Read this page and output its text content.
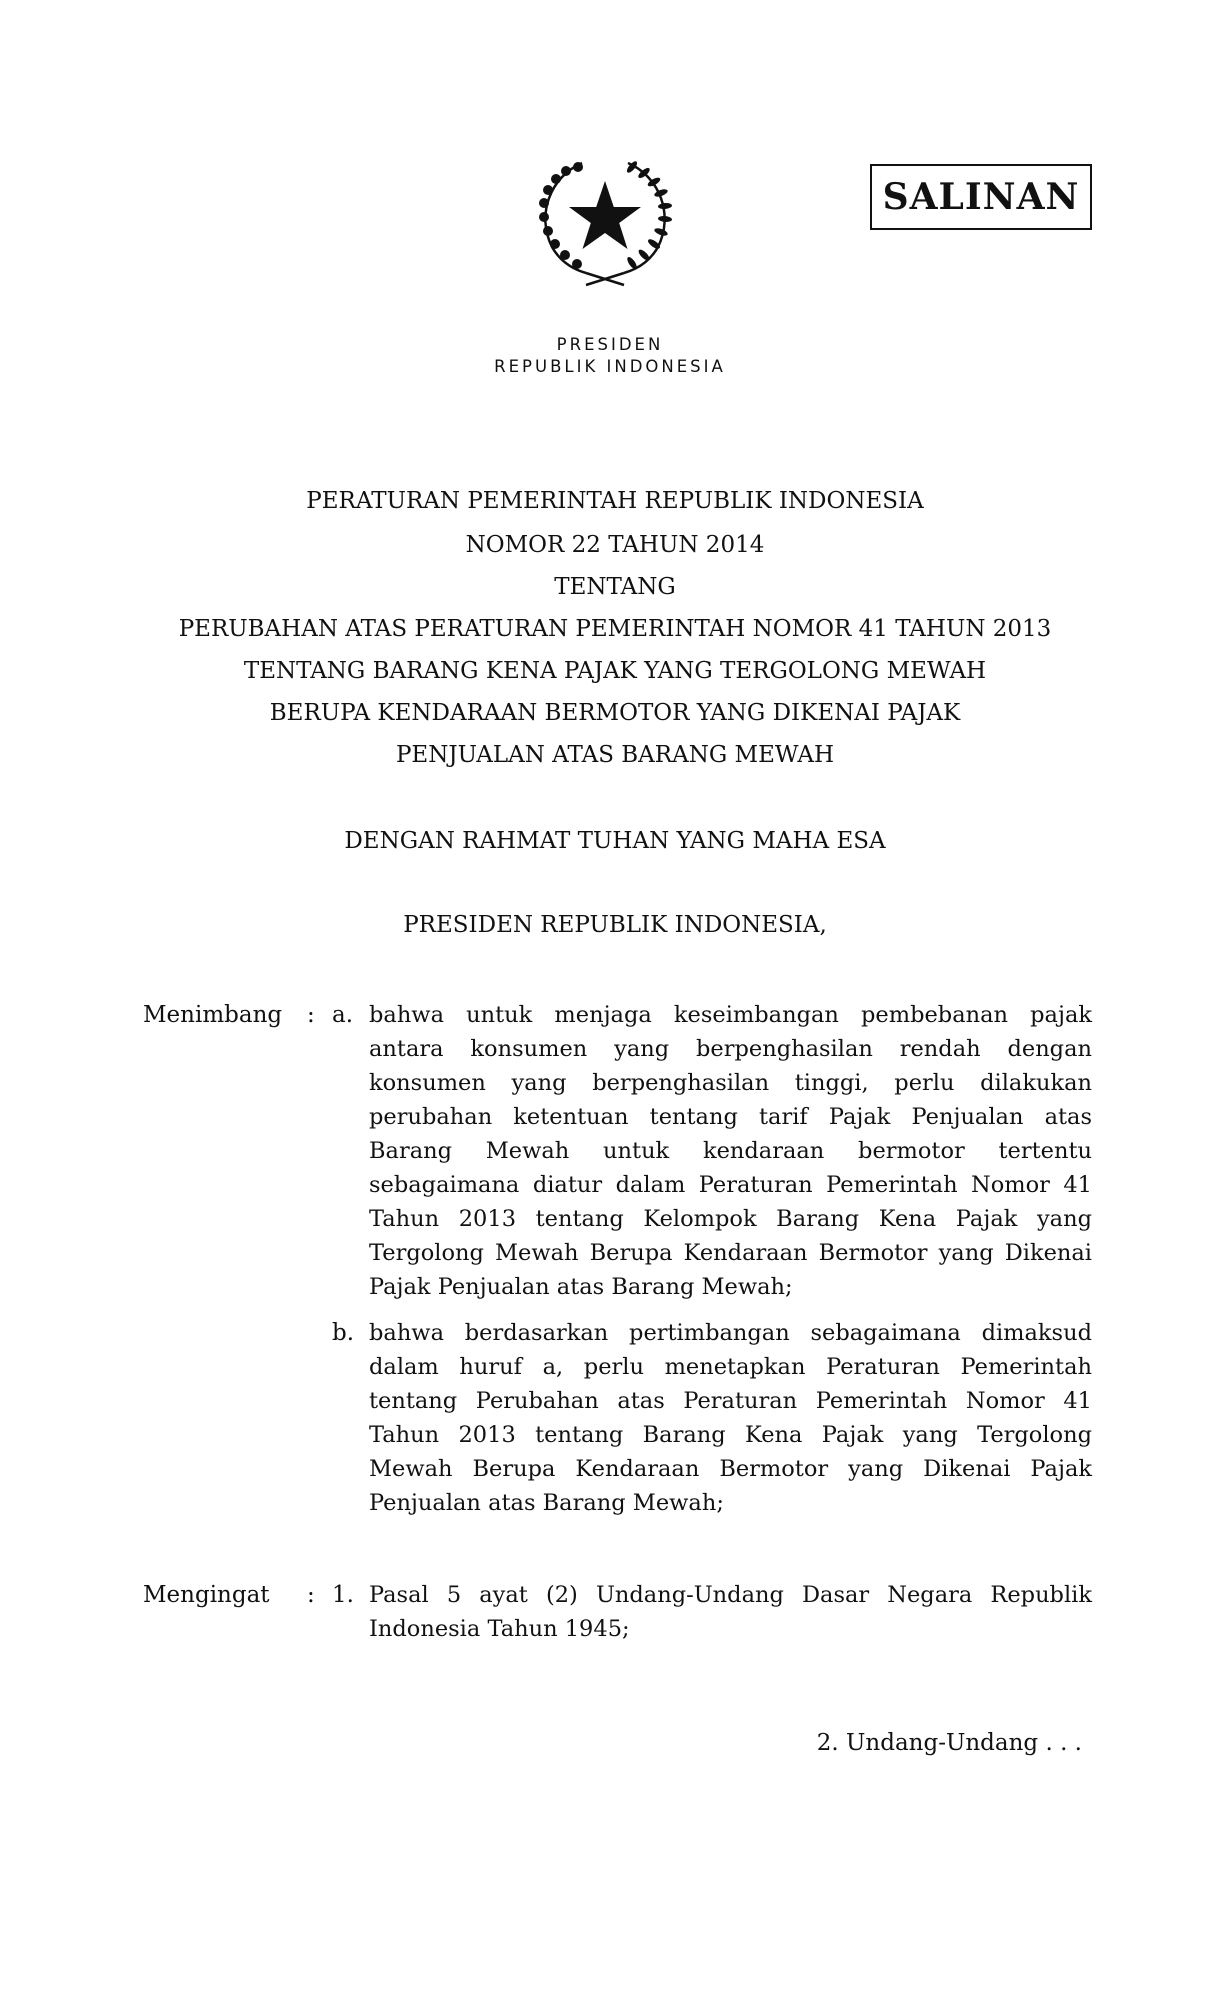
SALINAN
PRESIDEN
REPUBLIK INDONESIA
PERATURAN PEMERINTAH REPUBLIK INDONESIA
NOMOR 22 TAHUN 2014
TENTANG
PERUBAHAN ATAS PERATURAN PEMERINTAH NOMOR 41 TAHUN 2013
TENTANG BARANG KENA PAJAK YANG TERGOLONG MEWAH
BERUPA KENDARAAN BERMOTOR YANG DIKENAI PAJAK
PENJUALAN ATAS BARANG MEWAH
DENGAN RAHMAT TUHAN YANG MAHA ESA
PRESIDEN REPUBLIK INDONESIA,
Menimbang : a. bahwa untuk menjaga keseimbangan pembebanan pajak antara konsumen yang berpenghasilan rendah dengan konsumen yang berpenghasilan tinggi, perlu dilakukan perubahan ketentuan tentang tarif Pajak Penjualan atas Barang Mewah untuk kendaraan bermotor tertentu sebagaimana diatur dalam Peraturan Pemerintah Nomor 41 Tahun 2013 tentang Kelompok Barang Kena Pajak yang Tergolong Mewah Berupa Kendaraan Bermotor yang Dikenai Pajak Penjualan atas Barang Mewah;

b. bahwa berdasarkan pertimbangan sebagaimana dimaksud dalam huruf a, perlu menetapkan Peraturan Pemerintah tentang Perubahan atas Peraturan Pemerintah Nomor 41 Tahun 2013 tentang Barang Kena Pajak yang Tergolong Mewah Berupa Kendaraan Bermotor yang Dikenai Pajak Penjualan atas Barang Mewah;

Mengingat : 1. Pasal 5 ayat (2) Undang-Undang Dasar Negara Republik Indonesia Tahun 1945;

2. Undang-Undang . . .
